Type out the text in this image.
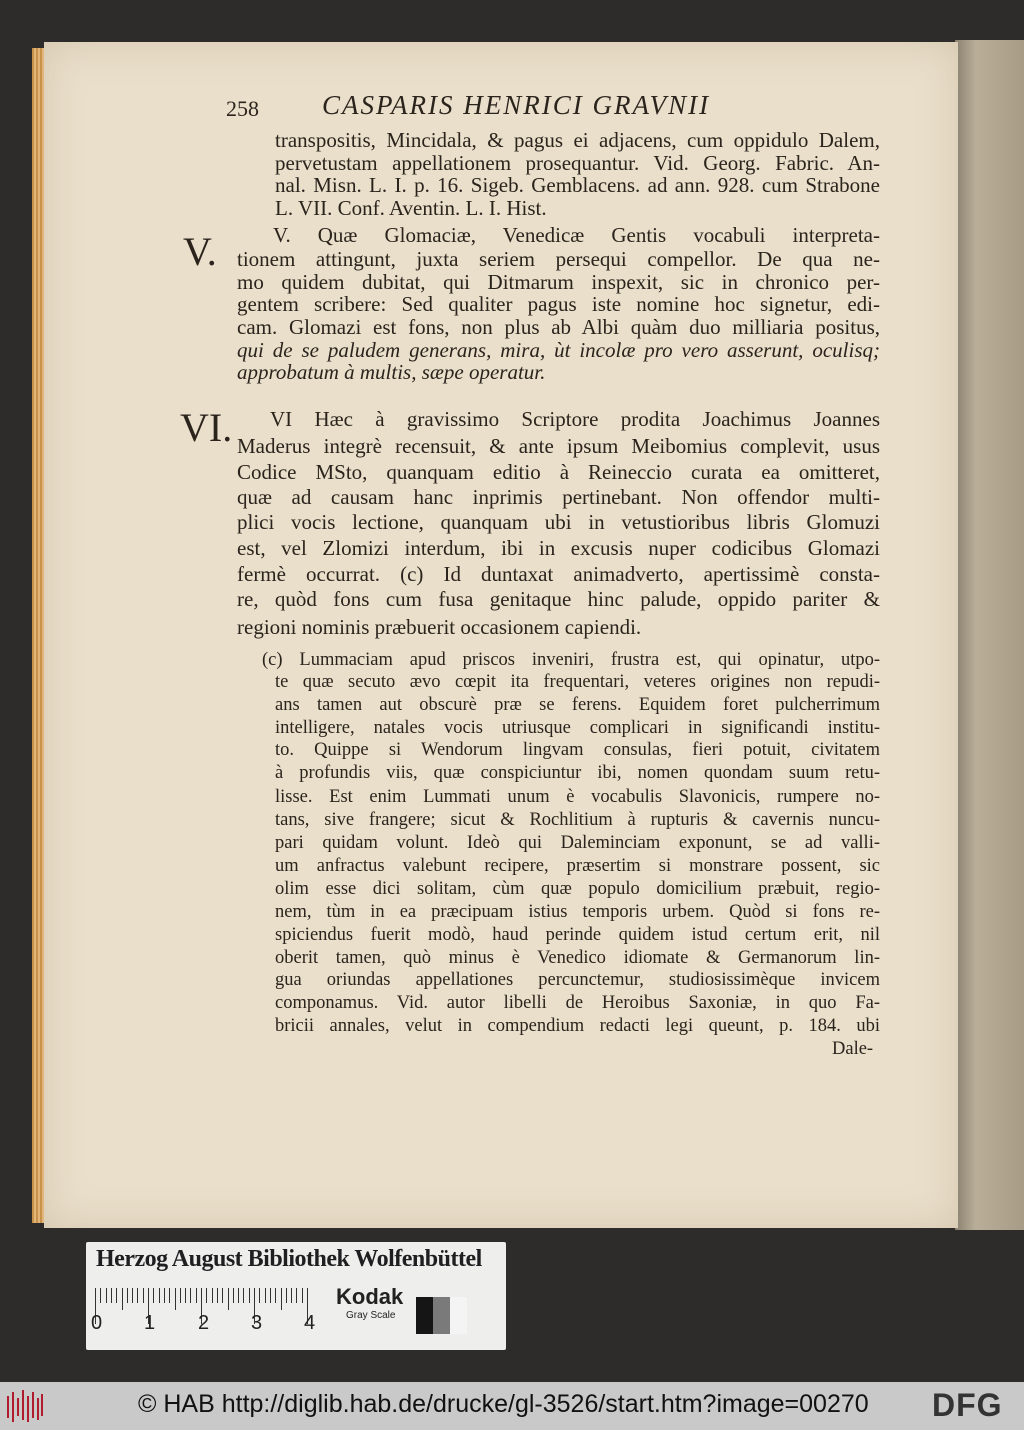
258 CASPARIS HENRICI GRAVNII
V.
VI.
transpositis, Mincidala, & pagus ei adjacens, cum oppidulo Dalem,
pervetustam appellationem prosequantur. Vid. Georg. Fabric. An-
nal. Misn. L. I. p. 16. Sigeb. Gemblacens. ad ann. 928. cum Strabone
L. VII. Conf. Aventin. L. I. Hist.
V. Quæ Glomaciæ, Venedicæ Gentis vocabuli interpreta-
tionem attingunt, juxta seriem persequi compellor. De qua ne-
mo quidem dubitat, qui Ditmarum inspexit, sic in chronico per-
gentem scribere: Sed qualiter pagus iste nomine hoc signetur, edi-
cam. Glomazi est fons, non plus ab Albi quàm duo milliaria positus,
qui de se paludem generans, mira, ùt incolæ pro vero asserunt, oculisq;
approbatum à multis, sæpe operatur.
VI Hæc à gravissimo Scriptore prodita Joachimus Joannes
Maderus integrè recensuit, & ante ipsum Meibomius complevit, usus
Codice MSto, quanquam editio à Reineccio curata ea omitteret,
quæ ad causam hanc inprimis pertinebant. Non offendor multi-
plici vocis lectione, quanquam ubi in vetustioribus libris Glomuzi
est, vel Zlomizi interdum, ibi in excusis nuper codicibus Glomazi
fermè occurrat. (c) Id duntaxat animadverto, apertissimè consta-
re, quòd fons cum fusa genitaque hinc palude, oppido pariter &
regioni nominis præbuerit occasionem capiendi.
(c) Lummaciam apud priscos inveniri, frustra est, qui opinatur, utpo-
te quæ secuto ævo cœpit ita frequentari, veteres origines non repudi-
ans tamen aut obscurè præ se ferens. Equidem foret pulcherrimum
intelligere, natales vocis utriusque complicari in significandi institu-
to. Quippe si Wendorum lingvam consulas, fieri potuit, civitatem
à profundis viis, quæ conspiciuntur ibi, nomen quondam suum retu-
lisse. Est enim Lummati unum è vocabulis Slavonicis, rumpere no-
tans, sive frangere; sicut & Rochlitium à rupturis & cavernis nuncu-
pari quidam volunt. Ideò qui Daleminciam exponunt, se ad valli-
um anfractus valebunt recipere, præsertim si monstrare possent, sic
olim esse dici solitam, cùm quæ populo domicilium præbuit, regio-
nem, tùm in ea præcipuam istius temporis urbem. Quòd si fons re-
spiciendus fuerit modò, haud perinde quidem istud certum erit, nil
oberit tamen, quò minus è Venedico idiomate & Germanorum lin-
gua oriundas appellationes percunctemur, studiosissimèque invicem
componamus. Vid. autor libelli de Heroibus Saxoniæ, in quo Fa-
bricii annales, velut in compendium redacti legi queunt, p. 184. ubi
Dale-
Herzog August Bibliothek Wolfenbüttel
0 1 2 3 4
Kodak
Gray Scale
© HAB http://diglib.hab.de/drucke/gl-3526/start.htm?image=00270 DFG
